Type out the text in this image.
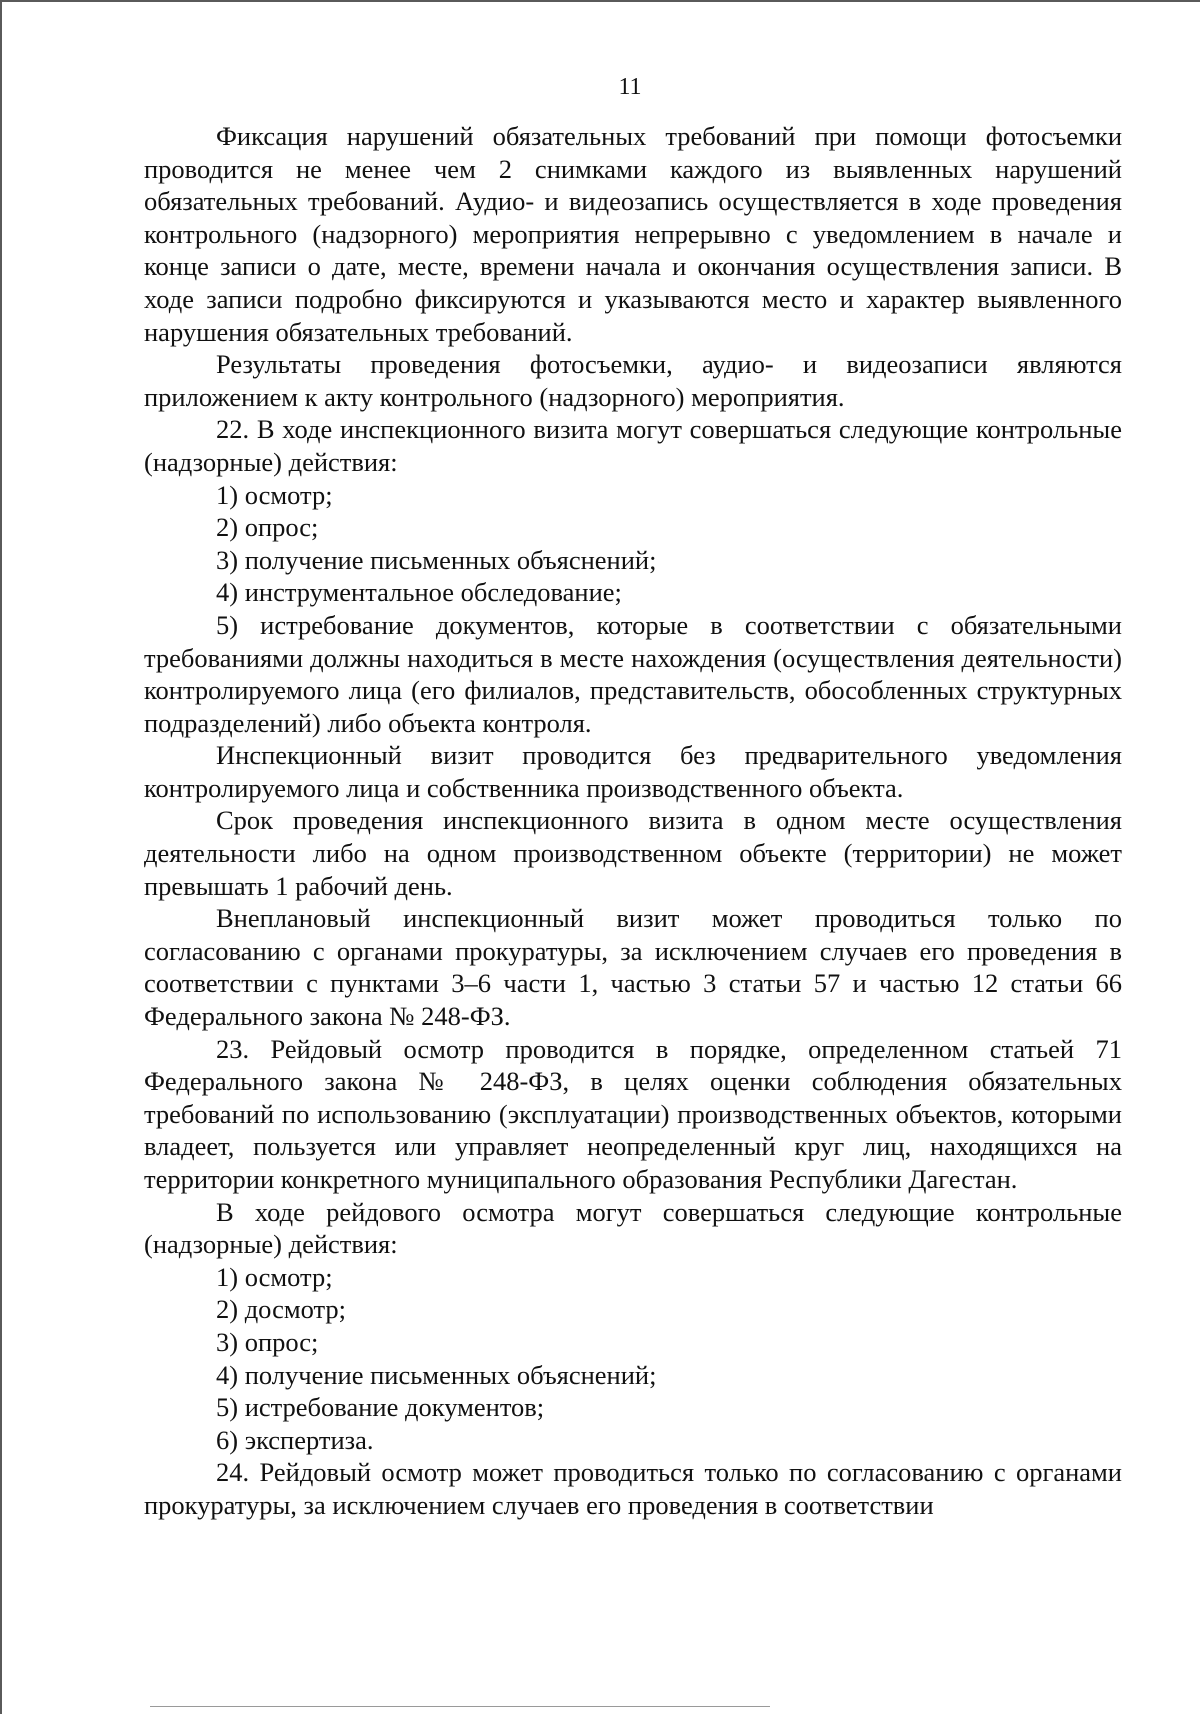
11

Фиксация нарушений обязательных требований при помощи фотосъемки проводится не менее чем 2 снимками каждого из выявленных нарушений обязательных требований. Аудио- и видеозапись осуществляется в ходе проведения контрольного (надзорного) мероприятия непрерывно с уведомлением в начале и конце записи о дате, месте, времени начала и окончания осуществления записи. В ходе записи подробно фиксируются и указываются место и характер выявленного нарушения обязательных требований.

Результаты проведения фотосъемки, аудио- и видеозаписи являются приложением к акту контрольного (надзорного) мероприятия.

22. В ходе инспекционного визита могут совершаться следующие контрольные (надзорные) действия:

1) осмотр;

2) опрос;

3) получение письменных объяснений;

4) инструментальное обследование;

5) истребование документов, которые в соответствии с обязательными требованиями должны находиться в месте нахождения (осуществления деятельности) контролируемого лица (его филиалов, представительств, обособленных структурных подразделений) либо объекта контроля.

Инспекционный визит проводится без предварительного уведомления контролируемого лица и собственника производственного объекта.

Срок проведения инспекционного визита в одном месте осуществления деятельности либо на одном производственном объекте (территории) не может превышать 1 рабочий день.

Внеплановый инспекционный визит может проводиться только по согласованию с органами прокуратуры, за исключением случаев его проведения в соответствии с пунктами 3–6 части 1, частью 3 статьи 57 и частью 12 статьи 66 Федерального закона № 248-ФЗ.

23. Рейдовый осмотр проводится в порядке, определенном статьей 71 Федерального закона № 248-ФЗ, в целях оценки соблюдения обязательных требований по использованию (эксплуатации) производственных объектов, которыми владеет, пользуется или управляет неопределенный круг лиц, находящихся на территории конкретного муниципального образования Республики Дагестан.

В ходе рейдового осмотра могут совершаться следующие контрольные (надзорные) действия:

1) осмотр;

2) досмотр;

3) опрос;

4) получение письменных объяснений;

5) истребование документов;

6) экспертиза.

24. Рейдовый осмотр может проводиться только по согласованию с органами прокуратуры, за исключением случаев его проведения в соответствии
